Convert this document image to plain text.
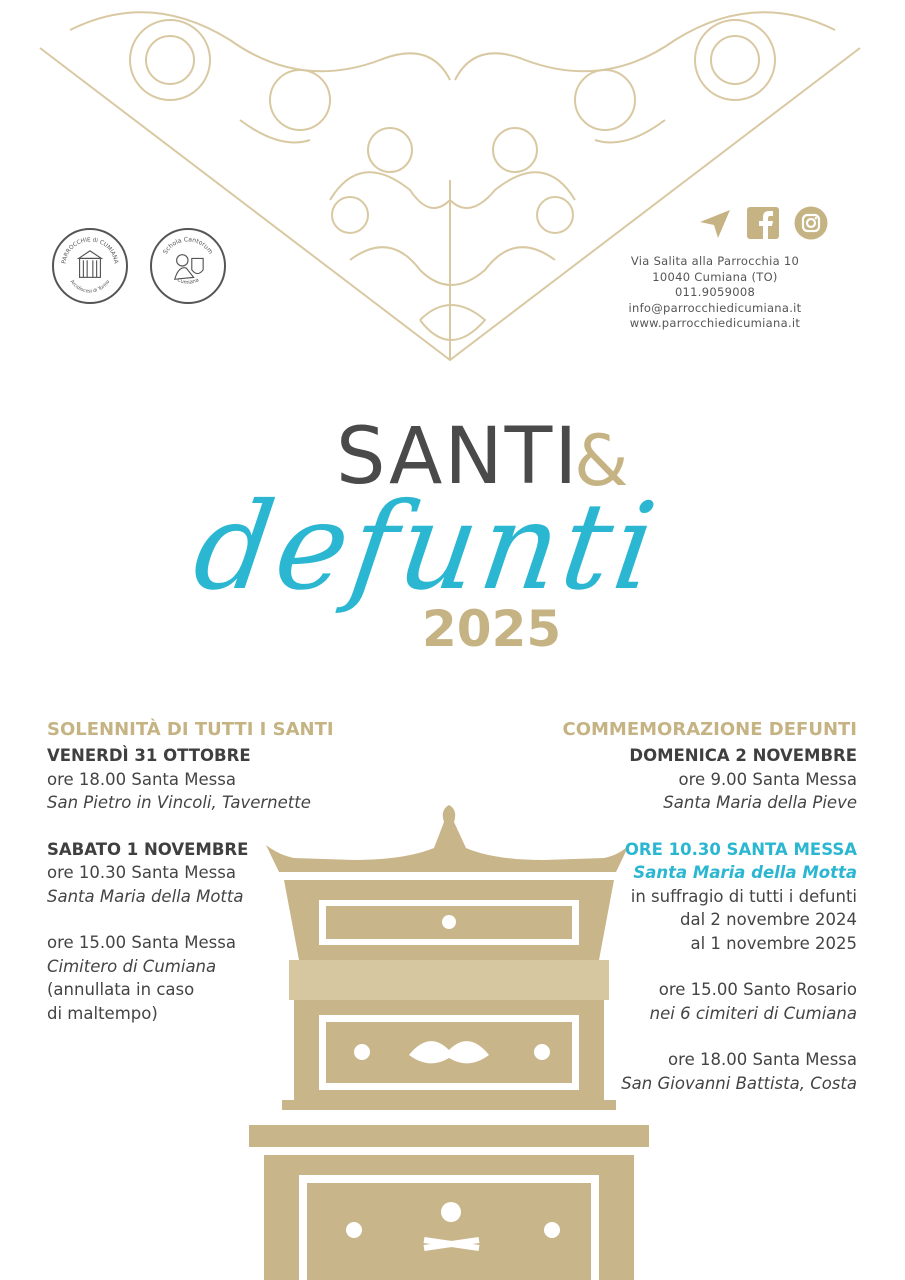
PARROCCHIE di CUMIANA
Arcidiocesi di Torino
Schola Cantorum
Cumiana
Via Salita alla Parrocchia 10
10040 Cumiana (TO)
011.9059008
info@parrocchiedicumiana.it
www.parrocchiedicumiana.it
SANTI
&
defunti
2025
SOLENNITÀ DI TUTTI I SANTI
VENERDÌ 31 OTTOBRE
ore 18.00 Santa Messa
San Pietro in Vincoli, Tavernette
SABATO 1 NOVEMBRE
ore 10.30 Santa Messa
Santa Maria della Motta
ore 15.00 Santa Messa
Cimitero di Cumiana
(annullata in caso
di maltempo)
COMMEMORAZIONE DEFUNTI
DOMENICA 2 NOVEMBRE
ore 9.00 Santa Messa
Santa Maria della Pieve
ORE 10.30 SANTA MESSA
Santa Maria della Motta
in suffragio di tutti i defunti
dal 2 novembre 2024
al 1 novembre 2025
ore 15.00 Santo Rosario
nei 6 cimiteri di Cumiana
ore 18.00 Santa Messa
San Giovanni Battista, Costa
